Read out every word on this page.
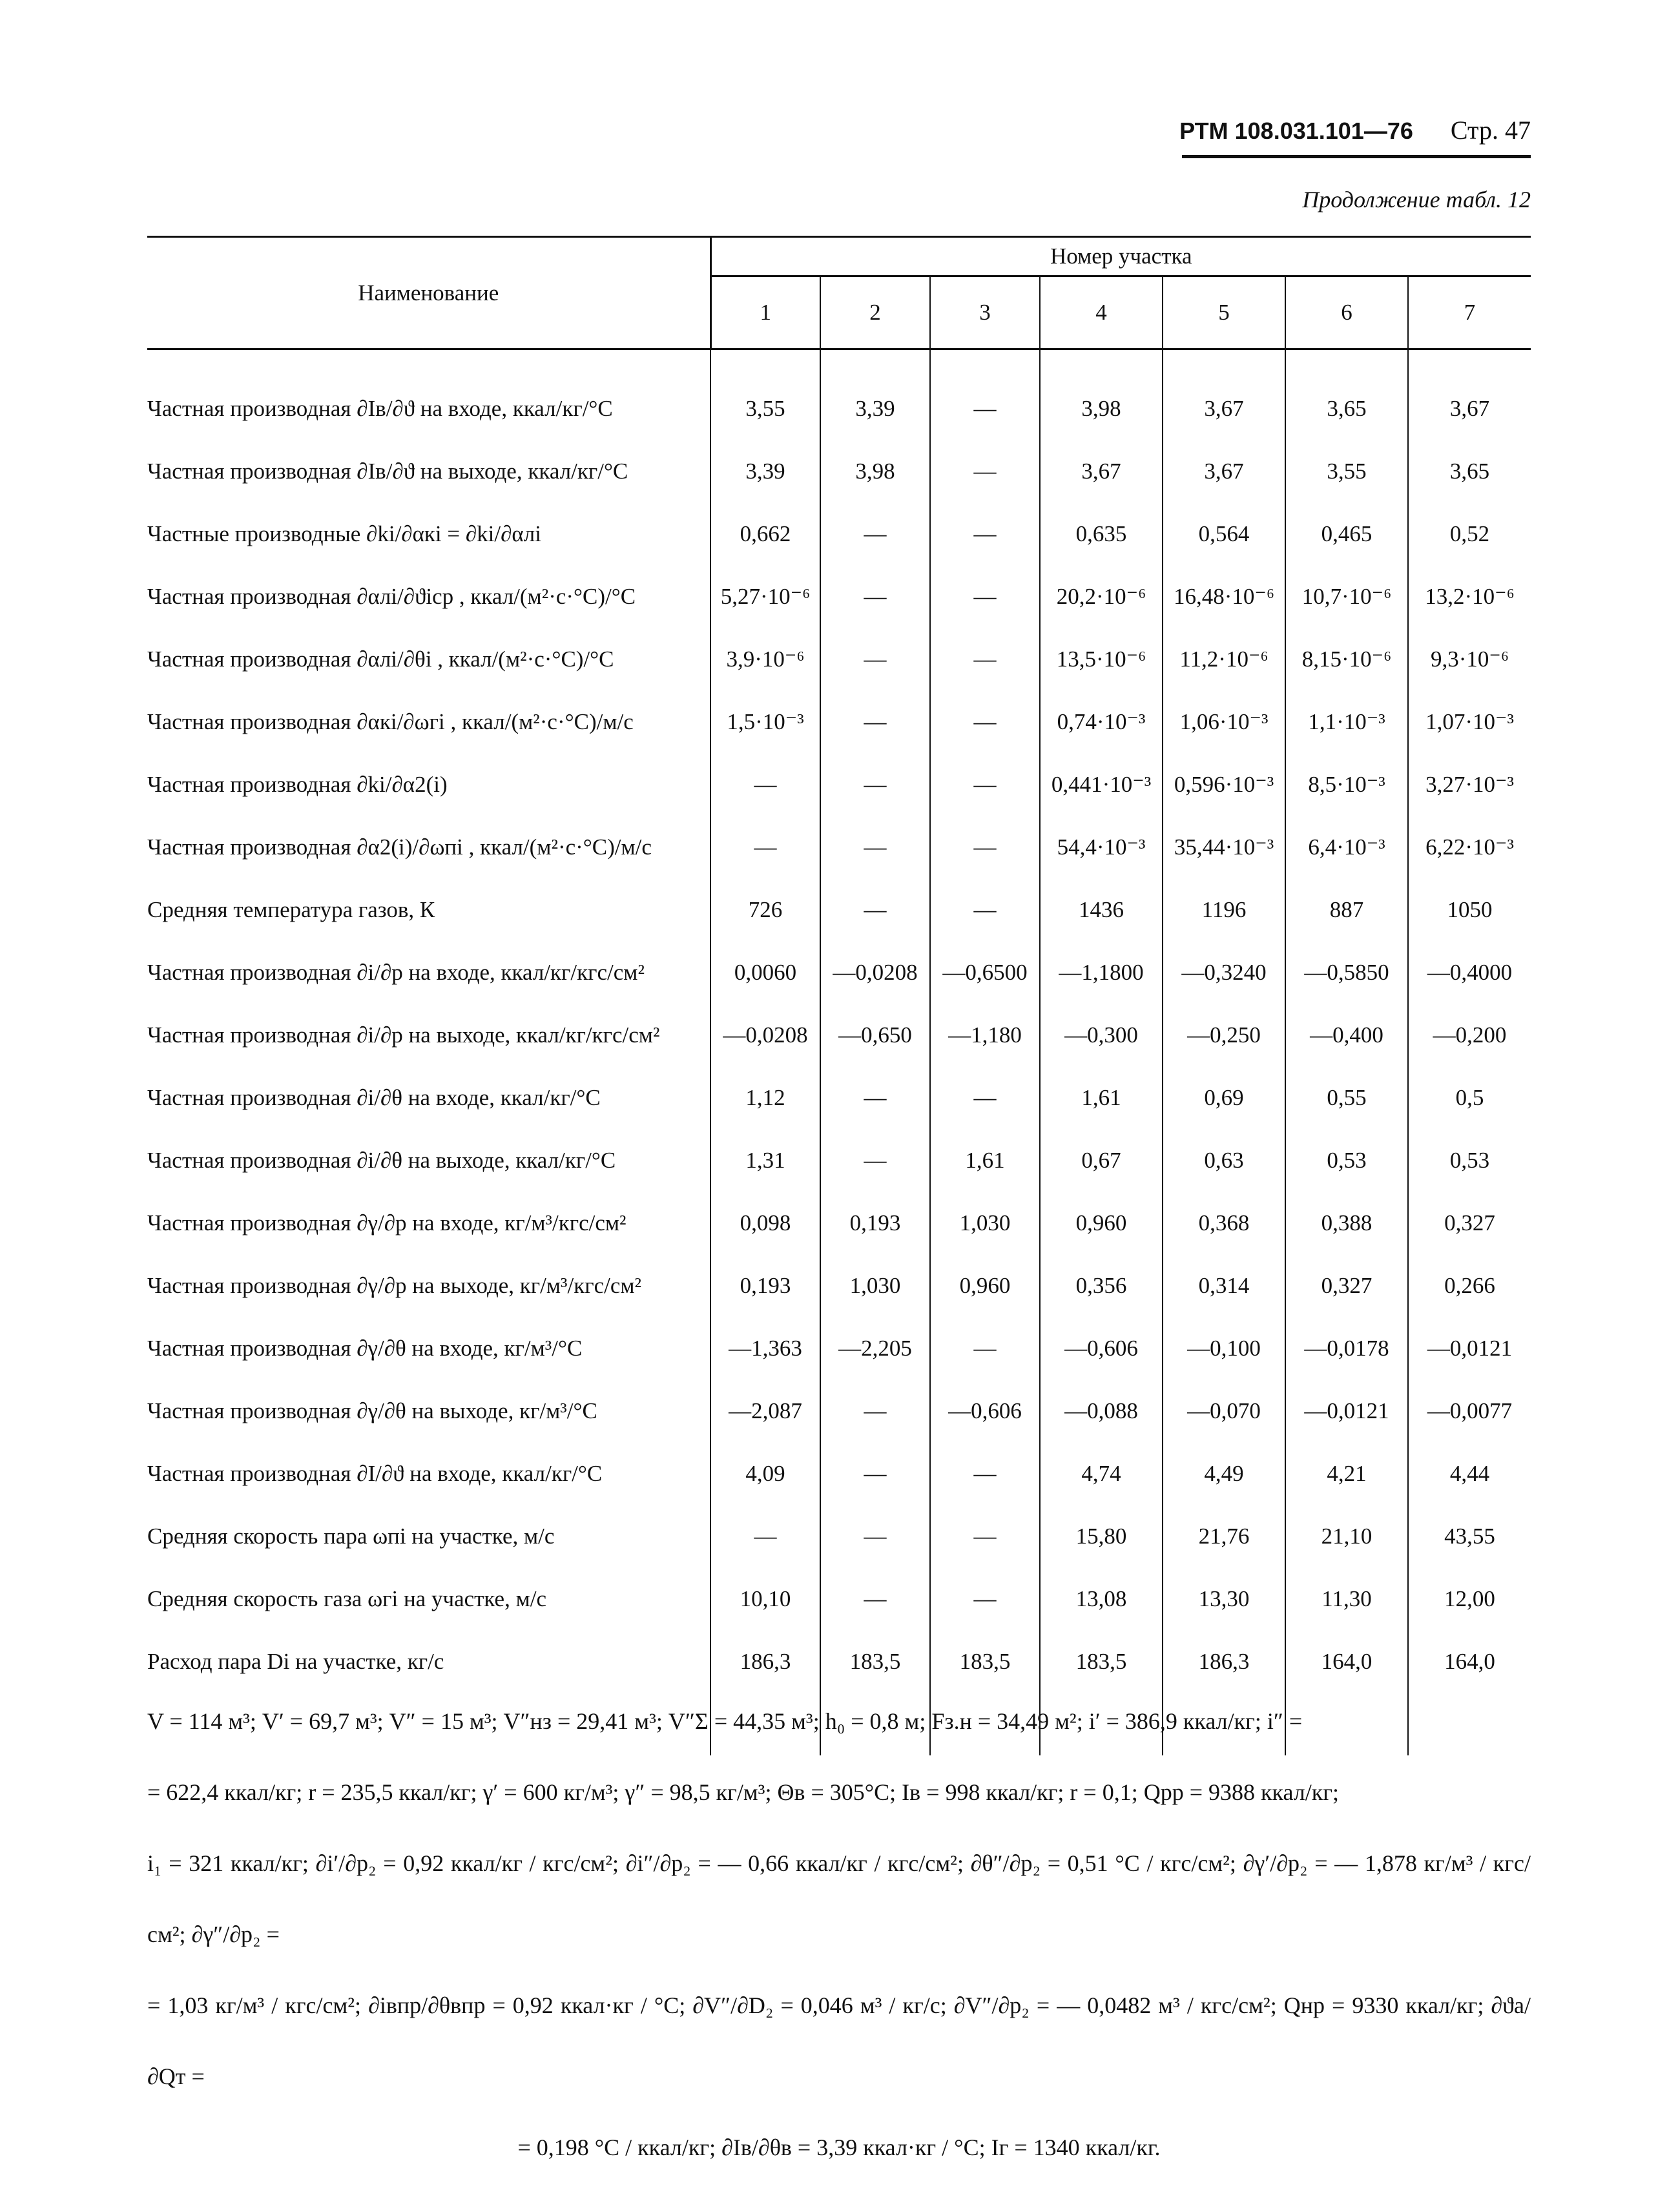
РТМ 108.031.101—76 Стр. 47
Продолжение табл. 12
Наименование	Номер участка						
	1	2	3	4	5	6	7

Частная производная ∂Iв/∂ϑ на входе, ккал/кг/°C	3,55	3,39	—	3,98	3,67	3,65	3,67
Частная производная ∂Iв/∂ϑ на выходе, ккал/кг/°C	3,39	3,98	—	3,67	3,67	3,55	3,65
Частные производные ∂ki/∂αкi = ∂ki/∂αлi	0,662	—	—	0,635	0,564	0,465	0,52
Частная производная ∂αлi/∂ϑiср , ккал/(м²·с·°C)/°C	5,27·10⁻⁶	—	—	20,2·10⁻⁶	16,48·10⁻⁶	10,7·10⁻⁶	13,2·10⁻⁶
Частная производная ∂αлi/∂θi , ккал/(м²·с·°C)/°C	3,9·10⁻⁶	—	—	13,5·10⁻⁶	11,2·10⁻⁶	8,15·10⁻⁶	9,3·10⁻⁶
Частная производная ∂αкi/∂ωгi , ккал/(м²·с·°C)/м/с	1,5·10⁻³	—	—	0,74·10⁻³	1,06·10⁻³	1,1·10⁻³	1,07·10⁻³
Частная производная ∂ki/∂α2(i)	—	—	—	0,441·10⁻³	0,596·10⁻³	8,5·10⁻³	3,27·10⁻³
Частная производная ∂α2(i)/∂ωпi , ккал/(м²·с·°C)/м/с	—	—	—	54,4·10⁻³	35,44·10⁻³	6,4·10⁻³	6,22·10⁻³
Средняя температура газов, К	726	—	—	1436	1196	887	1050
Частная производная ∂i/∂p на входе, ккал/кг/кгс/см²	0,0060	—0,0208	—0,6500	—1,1800	—0,3240	—0,5850	—0,4000
Частная производная ∂i/∂p на выходе, ккал/кг/кгс/см²	—0,0208	—0,650	—1,180	—0,300	—0,250	—0,400	—0,200
Частная производная ∂i/∂θ на входе, ккал/кг/°C	1,12	—	—	1,61	0,69	0,55	0,5
Частная производная ∂i/∂θ на выходе, ккал/кг/°C	1,31	—	1,61	0,67	0,63	0,53	0,53
Частная производная ∂γ/∂p на входе, кг/м³/кгс/см²	0,098	0,193	1,030	0,960	0,368	0,388	0,327
Частная производная ∂γ/∂p на выходе, кг/м³/кгс/см²	0,193	1,030	0,960	0,356	0,314	0,327	0,266
Частная производная ∂γ/∂θ на входе, кг/м³/°C	—1,363	—2,205	—	—0,606	—0,100	—0,0178	—0,0121
Частная производная ∂γ/∂θ на выходе, кг/м³/°C	—2,087	—	—0,606	—0,088	—0,070	—0,0121	—0,0077
Частная производная ∂I/∂ϑ на входе, ккал/кг/°C	4,09	—	—	4,74	4,49	4,21	4,44
Средняя скорость пара ωпi на участке, м/с	—	—	—	15,80	21,76	21,10	43,55
Средняя скорость газа ωгi на участке, м/с	10,10	—	—	13,08	13,30	11,30	12,00
Расход пара Di на участке, кг/с	186,3	183,5	183,5	183,5	186,3	164,0	164,0

V = 114 м³; V′ = 69,7 м³; V″ = 15 м³; V″нз = 29,41 м³; V″Σ = 44,35 м³; h₀ = 0,8 м; Fз.н = 34,49 м²; i′ = 386,9 ккал/кг; i″ =

= 622,4 ккал/кг; r = 235,5 ккал/кг; γ′ = 600 кг/м³; γ″ = 98,5 кг/м³; Θв = 305°C; Iв = 998 ккал/кг; r = 0,1; Qрр = 9388 ккал/кг;

i₁ = 321 ккал/кг; ∂i′/∂p₂ = 0,92 ккал/кг / кгс/см²; ∂i″/∂p₂ = — 0,66 ккал/кг / кгс/см²; ∂θ″/∂p₂ = 0,51 °C / кгс/см²; ∂γ′/∂p₂ = — 1,878 кг/м³ / кгс/см²; ∂γ″/∂p₂ =

= 1,03 кг/м³ / кгс/см²; ∂iвпр/∂θвпр = 0,92 ккал·кг / °C; ∂V″/∂D₂ = 0,046 м³ / кг/с; ∂V″/∂p₂ = — 0,0482 м³ / кгс/см²; Qнр = 9330 ккал/кг; ∂ϑа/∂Qт =

= 0,198 °C / ккал/кг; ∂Iв/∂θв = 3,39 ккал·кг / °C; Iг = 1340 ккал/кг.
